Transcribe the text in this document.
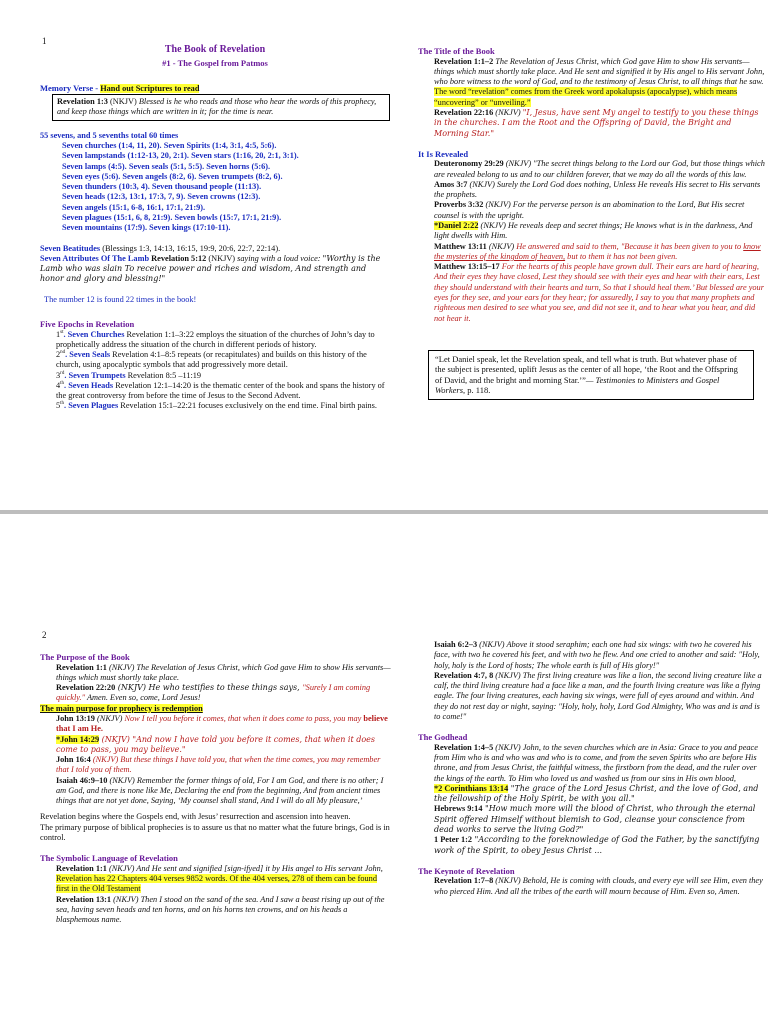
1
The Book of Revelation
#1 - The Gospel from Patmos
Memory Verse - Hand out Scriptures to read
Revelation 1:3 (NKJV) Blessed is he who reads and those who hear the words of this prophecy, and keep those things which are written in it; for the time is near.
55 sevens, and 5 sevenths total 60 times
Seven churches (1:4, 11, 20). Seven Spirits (1:4, 3:1, 4:5, 5:6).
Seven lampstands (1:12-13, 20, 2:1). Seven stars (1:16, 20, 2:1, 3:1).
Seven lamps (4:5). Seven seals (5:1, 5:5). Seven horns (5:6).
Seven eyes (5:6). Seven angels (8:2, 6). Seven trumpets (8:2, 6).
Seven thunders (10:3, 4). Seven thousand people (11:13).
Seven heads (12:3, 13:1, 17:3, 7, 9). Seven crowns (12:3).
Seven angels (15:1, 6-8, 16:1, 17:1, 21:9).
Seven plagues (15:1, 6, 8, 21:9). Seven bowls (15:7, 17:1, 21:9).
Seven mountains (17:9). Seven kings (17:10-11).
Seven Beatitudes (Blessings 1:3, 14:13, 16:15, 19:9, 20:6, 22:7, 22:14).
Seven Attributes Of The Lamb Revelation 5:12 (NKJV) saying with a loud voice: "Worthy is the Lamb who was slain To receive power and riches and wisdom, And strength and honor and glory and blessing!"
The number 12 is found 22 times in the book!
Five Epochs in Revelation
1st. Seven Churches Revelation 1:1–3:22 employs the situation of the churches of John’s day to prophetically address the situation of the church in different periods of history.
2nd. Seven Seals Revelation 4:1–8:5 repeats (or recapitulates) and builds on this history of the church, using apocalyptic symbols that add progressively more detail.
3rd. Seven Trumpets Revelation 8:5 –11:19
4th. Seven Heads Revelation 12:1–14:20 is the thematic center of the book and spans the history of the great controversy from before the time of Jesus to the Second Advent.
5th. Seven Plagues Revelation 15:1–22:21 focuses exclusively on the end time. Final birth pains.
The Title of the Book
Revelation 1:1–2 The Revelation of Jesus Christ, which God gave Him to show His servants—things which must shortly take place. And He sent and signified it by His angel to His servant John, who bore witness to the word of God, and to the testimony of Jesus Christ, to all things that he saw.
The word “revelation” comes from the Greek word apokalupsis (apocalypse), which means “uncovering” or “unveiling.”
Revelation 22:16 (NKJV) "I, Jesus, have sent My angel to testify to you these things in the churches. I am the Root and the Offspring of David, the Bright and Morning Star."
It Is Revealed
Deuteronomy 29:29 (NKJV) "The secret things belong to the Lord our God, but those things which are revealed belong to us and to our children forever, that we may do all the words of this law.
Amos 3:7 (NKJV) Surely the Lord God does nothing, Unless He reveals His secret to His servants the prophets.
Proverbs 3:32 (NKJV) For the perverse person is an abomination to the Lord, But His secret counsel is with the upright.
*Daniel 2:22 (NKJV) He reveals deep and secret things; He knows what is in the darkness, And light dwells with Him.
Matthew 13:11 (NKJV) He answered and said to them, "Because it has been given to you to know the mysteries of the kingdom of heaven, but to them it has not been given.
Matthew 13:15–17 For the hearts of this people have grown dull. Their ears are hard of hearing, And their eyes they have closed, Lest they should see with their eyes and hear with their ears, Lest they should understand with their hearts and turn, So that I should heal them.’ But blessed are your eyes for they see, and your ears for they hear; for assuredly, I say to you that many prophets and righteous men desired to see what you see, and did not see it, and to hear what you hear, and did not hear it.
“Let Daniel speak, let the Revelation speak, and tell what is truth. But whatever phase of the subject is presented, uplift Jesus as the center of all hope, ‘the Root and the Offspring of David, and the bright and morning Star.’”— Testimonies to Ministers and Gospel Workers, p. 118.
2
The Purpose of the Book
Revelation 1:1 (NKJV) The Revelation of Jesus Christ, which God gave Him to show His servants—things which must shortly take place.
Revelation 22:20 (NKJV) He who testifies to these things says, "Surely I am coming quickly." Amen. Even so, come, Lord Jesus!
The main purpose for prophecy is redemption
John 13:19 (NKJV) Now I tell you before it comes, that when it does come to pass, you may believe that I am He.
*John 14:29 (NKJV) "And now I have told you before it comes, that when it does come to pass, you may believe."
John 16:4 (NKJV) But these things I have told you, that when the time comes, you may remember that I told you of them.
Isaiah 46:9–10 (NKJV) Remember the former things of old, For I am God, and there is no other; I am God, and there is none like Me, Declaring the end from the beginning, And from ancient times things that are not yet done, Saying, ‘My counsel shall stand, And I will do all My pleasure,’
Revelation begins where the Gospels end, with Jesus’ resurrection and ascension into heaven.
The primary purpose of biblical prophecies is to assure us that no matter what the future brings, God is in control.
The Symbolic Language of Revelation
Revelation 1:1 (NKJV) And He sent and signified [sign-ifyed] it by His angel to His servant John,
Revelation has 22 Chapters 404 verses 9852 words. Of the 404 verses, 278 of them can be found first in the Old Testament
Revelation 13:1 (NKJV) Then I stood on the sand of the sea. And I saw a beast rising up out of the sea, having seven heads and ten horns, and on his horns ten crowns, and on his heads a blasphemous name.
Isaiah 6:2–3 (NKJV) Above it stood seraphim; each one had six wings: with two he covered his face, with two he covered his feet, and with two he flew. And one cried to another and said: "Holy, holy, holy is the Lord of hosts; The whole earth is full of His glory!"
Revelation 4:7, 8 (NKJV) The first living creature was like a lion, the second living creature like a calf, the third living creature had a face like a man, and the fourth living creature was like a flying eagle. The four living creatures, each having six wings, were full of eyes around and within. And they do not rest day or night, saying: "Holy, holy, holy, Lord God Almighty, Who was and is and is to come!"
The Godhead
Revelation 1:4–5 (NKJV) John, to the seven churches which are in Asia: Grace to you and peace from Him who is and who was and who is to come, and from the seven Spirits who are before His throne, and from Jesus Christ, the faithful witness, the firstborn from the dead, and the ruler over the kings of the earth. To Him who loved us and washed us from our sins in His own blood,
*2 Corinthians 13:14 "The grace of the Lord Jesus Christ, and the love of God, and the fellowship of the Holy Spirit, be with you all."
Hebrews 9:14 "How much more will the blood of Christ, who through the eternal Spirit offered Himself without blemish to God, cleanse your conscience from dead works to serve the living God?"
1 Peter 1:2 "According to the foreknowledge of God the Father, by the sanctifying work of the Spirit, to obey Jesus Christ ...
The Keynote of Revelation
Revelation 1:7–8 (NKJV) Behold, He is coming with clouds, and every eye will see Him, even they who pierced Him. And all the tribes of the earth will mourn because of Him. Even so, Amen.
